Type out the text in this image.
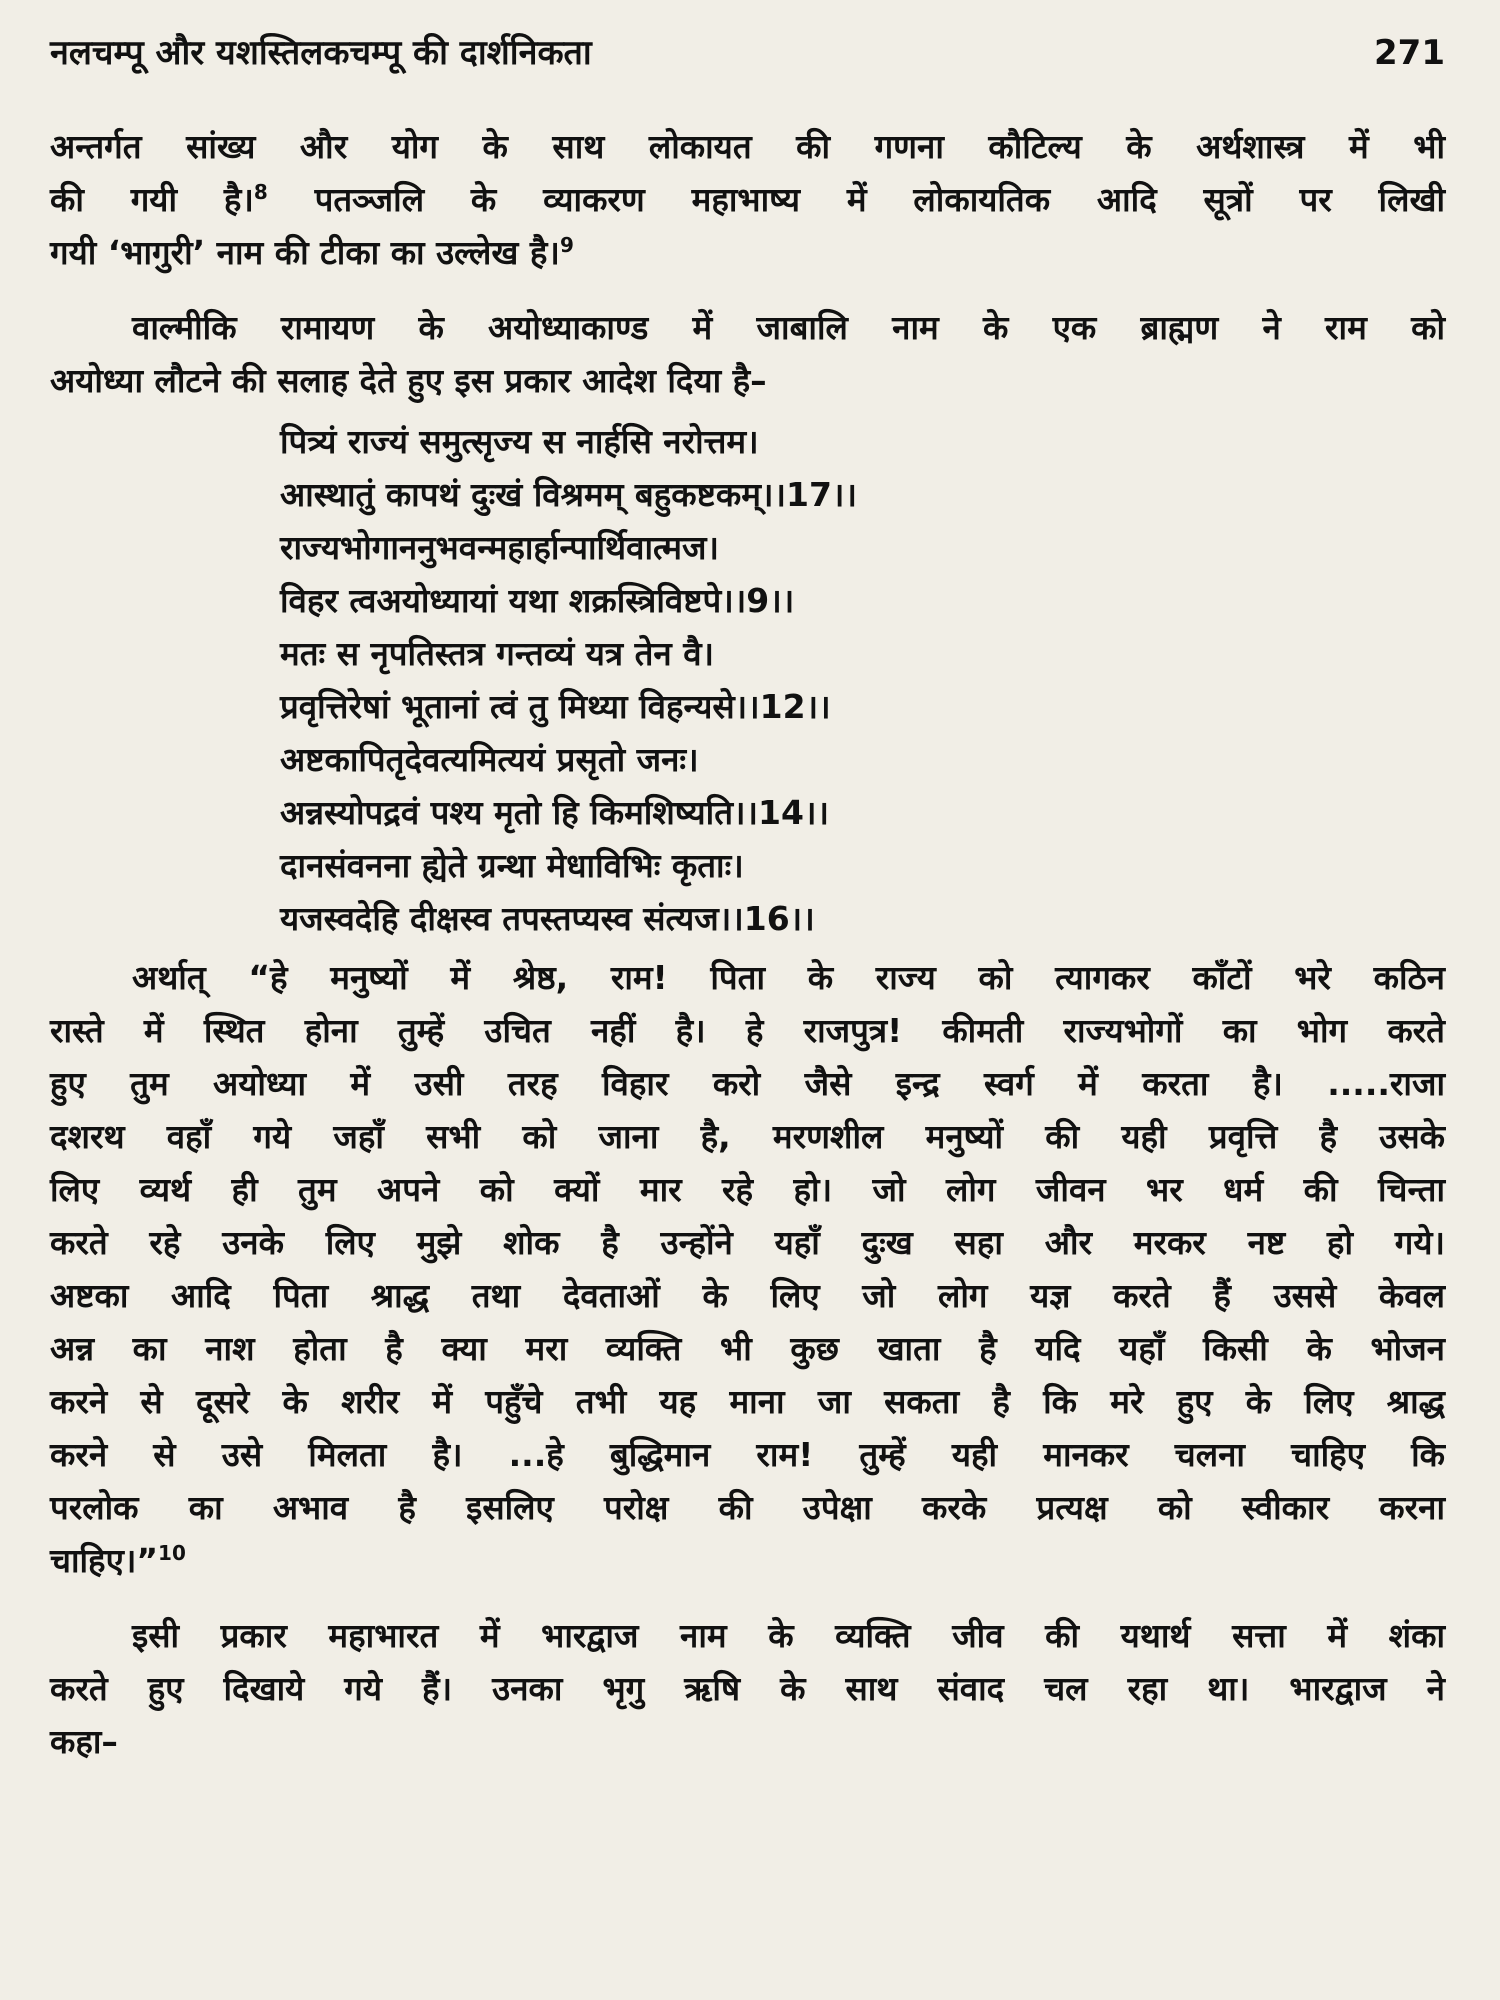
नलचम्पू और यशस्तिलकचम्पू की दार्शनिकता	271

अन्तर्गत सांख्य और योग के साथ लोकायत की गणना कौटिल्य के अर्थशास्त्र में भी
की गयी है।$^8$ पतञ्जलि के व्याकरण महाभाष्य में लोकायतिक आदि सूत्रों पर लिखी
गयी ‘भागुरी’ नाम की टीका का उल्लेख है।$^9$

वाल्मीकि रामायण के अयोध्याकाण्ड में जाबालि नाम के एक ब्राह्मण ने राम को
अयोध्या लौटने की सलाह देते हुए इस प्रकार आदेश दिया है–

पित्र्यं राज्यं समुत्सृज्य स नार्हसि नरोत्तम।
आस्थातुं कापथं दुःखं विश्रमम् बहुकष्टकम्।।17।।
राज्यभोगाननुभवन्महार्हान्पार्थिवात्मज।
विहर त्वअयोध्यायां यथा शक्रस्त्रिविष्टपे।।9।।
मतः स नृपतिस्तत्र गन्तव्यं यत्र तेन वै।
प्रवृत्तिरेषां भूतानां त्वं तु मिथ्या विहन्यसे।।12।।
अष्टकापितृदेवत्यमित्ययं प्रसृतो जनः।
अन्नस्योपद्रवं पश्य मृतो हि किमशिष्यति।।14।।
दानसंवनना ह्येते ग्रन्था मेधाविभिः कृताः।
यजस्वदेहि दीक्षस्व तपस्तप्यस्व संत्यज।।16।।

अर्थात् “हे मनुष्यों में श्रेष्ठ, राम! पिता के राज्य को त्यागकर काँटों भरे कठिन
रास्ते में स्थित होना तुम्हें उचित नहीं है। हे राजपुत्र! कीमती राज्यभोगों का भोग करते
हुए तुम अयोध्या में उसी तरह विहार करो जैसे इन्द्र स्वर्ग में करता है। .....राजा
दशरथ वहाँ गये जहाँ सभी को जाना है, मरणशील मनुष्यों की यही प्रवृत्ति है उसके
लिए व्यर्थ ही तुम अपने को क्यों मार रहे हो। जो लोग जीवन भर धर्म की चिन्ता
करते रहे उनके लिए मुझे शोक है उन्होंने यहाँ दुःख सहा और मरकर नष्ट हो गये।
अष्टका आदि पिता श्राद्ध तथा देवताओं के लिए जो लोग यज्ञ करते हैं उससे केवल
अन्न का नाश होता है क्या मरा व्यक्ति भी कुछ खाता है यदि यहाँ किसी के भोजन
करने से दूसरे के शरीर में पहुँचे तभी यह माना जा सकता है कि मरे हुए के लिए श्राद्ध
करने से उसे मिलता है। ...हे बुद्धिमान राम! तुम्हें यही मानकर चलना चाहिए कि
परलोक का अभाव है इसलिए परोक्ष की उपेक्षा करके प्रत्यक्ष को स्वीकार करना
चाहिए।”$^{10}$

इसी प्रकार महाभारत में भारद्वाज नाम के व्यक्ति जीव की यथार्थ सत्ता में शंका
करते हुए दिखाये गये हैं। उनका भृगु ऋषि के साथ संवाद चल रहा था। भारद्वाज ने
कहा–
